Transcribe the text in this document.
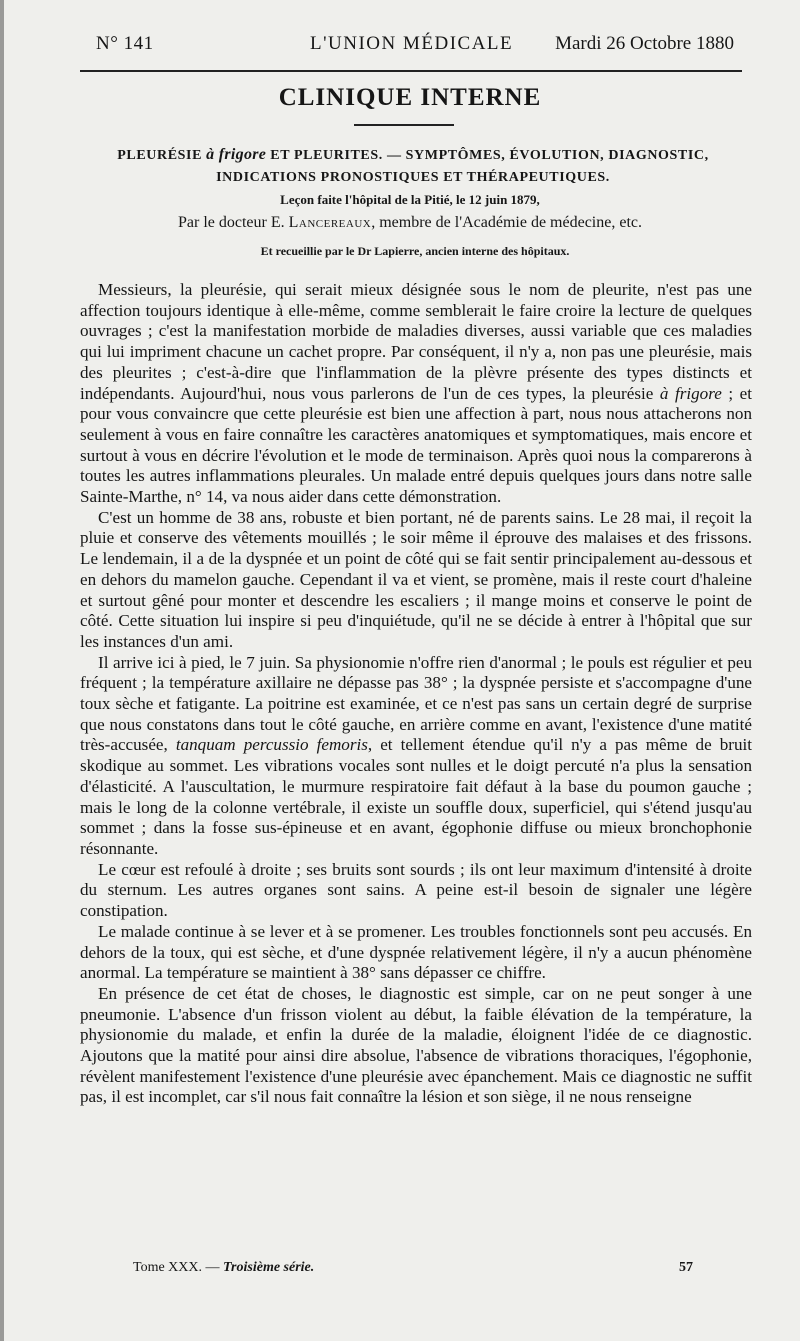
N° 141	L'UNION MÉDICALE Mardi 26 Octobre 1880
CLINIQUE INTERNE
PLEURÉSIE à frigore ET PLEURITES. — SYMPTÔMES, ÉVOLUTION, DIAGNOSTIC, INDICATIONS PRONOSTIQUES ET THÉRAPEUTIQUES.
Leçon faite l'hôpital de la Pitié, le 12 juin 1879,
Par le docteur E. Lancereaux, membre de l'Académie de médecine, etc.
Et recueillie par le Dr Lapierre, ancien interne des hôpitaux.

Messieurs, la pleurésie, qui serait mieux désignée sous le nom de pleurite, n'est pas une affection toujours identique à elle-même, comme semblerait le faire croire la lecture de quelques ouvrages ; c'est la manifestation morbide de maladies diverses, aussi variable que ces maladies qui lui impriment chacune un cachet propre. Par conséquent, il n'y a, non pas une pleurésie, mais des pleurites ; c'est-à-dire que l'inflammation de la plèvre présente des types distincts et indépendants. Aujourd'hui, nous vous parlerons de l'un de ces types, la pleurésie à frigore ; et pour vous convaincre que cette pleurésie est bien une affection à part, nous nous attacherons non seulement à vous en faire connaître les caractères anatomiques et symptomatiques, mais encore et surtout à vous en décrire l'évolution et le mode de terminaison. Après quoi nous la comparerons à toutes les autres inflammations pleurales. Un malade entré depuis quelques jours dans notre salle Sainte-Marthe, n° 14, va nous aider dans cette démonstration.

C'est un homme de 38 ans, robuste et bien portant, né de parents sains. Le 28 mai, il reçoit la pluie et conserve des vêtements mouillés ; le soir même il éprouve des malaises et des frissons. Le lendemain, il a de la dyspnée et un point de côté qui se fait sentir principalement au-dessous et en dehors du mamelon gauche. Cependant il va et vient, se promène, mais il reste court d'haleine et surtout gêné pour monter et descendre les escaliers ; il mange moins et conserve le point de côté. Cette situation lui inspire si peu d'inquiétude, qu'il ne se décide à entrer à l'hôpital que sur les instances d'un ami.

Il arrive ici à pied, le 7 juin. Sa physionomie n'offre rien d'anormal ; le pouls est régulier et peu fréquent ; la température axillaire ne dépasse pas 38° ; la dyspnée persiste et s'accompagne d'une toux sèche et fatigante. La poitrine est examinée, et ce n'est pas sans un certain degré de surprise que nous constatons dans tout le côté gauche, en arrière comme en avant, l'existence d'une matité très-accusée, tanquam percussio femoris, et tellement étendue qu'il n'y a pas même de bruit skodique au sommet. Les vibrations vocales sont nulles et le doigt percuté n'a plus la sensation d'élasticité. A l'auscultation, le murmure respiratoire fait défaut à la base du poumon gauche ; mais le long de la colonne vertébrale, il existe un souffle doux, superficiel, qui s'étend jusqu'au sommet ; dans la fosse sus-épineuse et en avant, égophonie diffuse ou mieux bronchophonie résonnante.

Le cœur est refoulé à droite ; ses bruits sont sourds ; ils ont leur maximum d'intensité à droite du sternum. Les autres organes sont sains. A peine est-il besoin de signaler une légère constipation.

Le malade continue à se lever et à se promener. Les troubles fonctionnels sont peu accusés. En dehors de la toux, qui est sèche, et d'une dyspnée relativement légère, il n'y a aucun phénomène anormal. La température se maintient à 38° sans dépasser ce chiffre.

En présence de cet état de choses, le diagnostic est simple, car on ne peut songer à une pneumonie. L'absence d'un frisson violent au début, la faible élévation de la température, la physionomie du malade, et enfin la durée de la maladie, éloignent l'idée de ce diagnostic. Ajoutons que la matité pour ainsi dire absolue, l'absence de vibrations thoraciques, l'égophonie, révèlent manifestement l'existence d'une pleurésie avec épanchement. Mais ce diagnostic ne suffit pas, il est incomplet, car s'il nous fait connaître la lésion et son siège, il ne nous renseigne

Tome XXX. — Troisième série.	57
